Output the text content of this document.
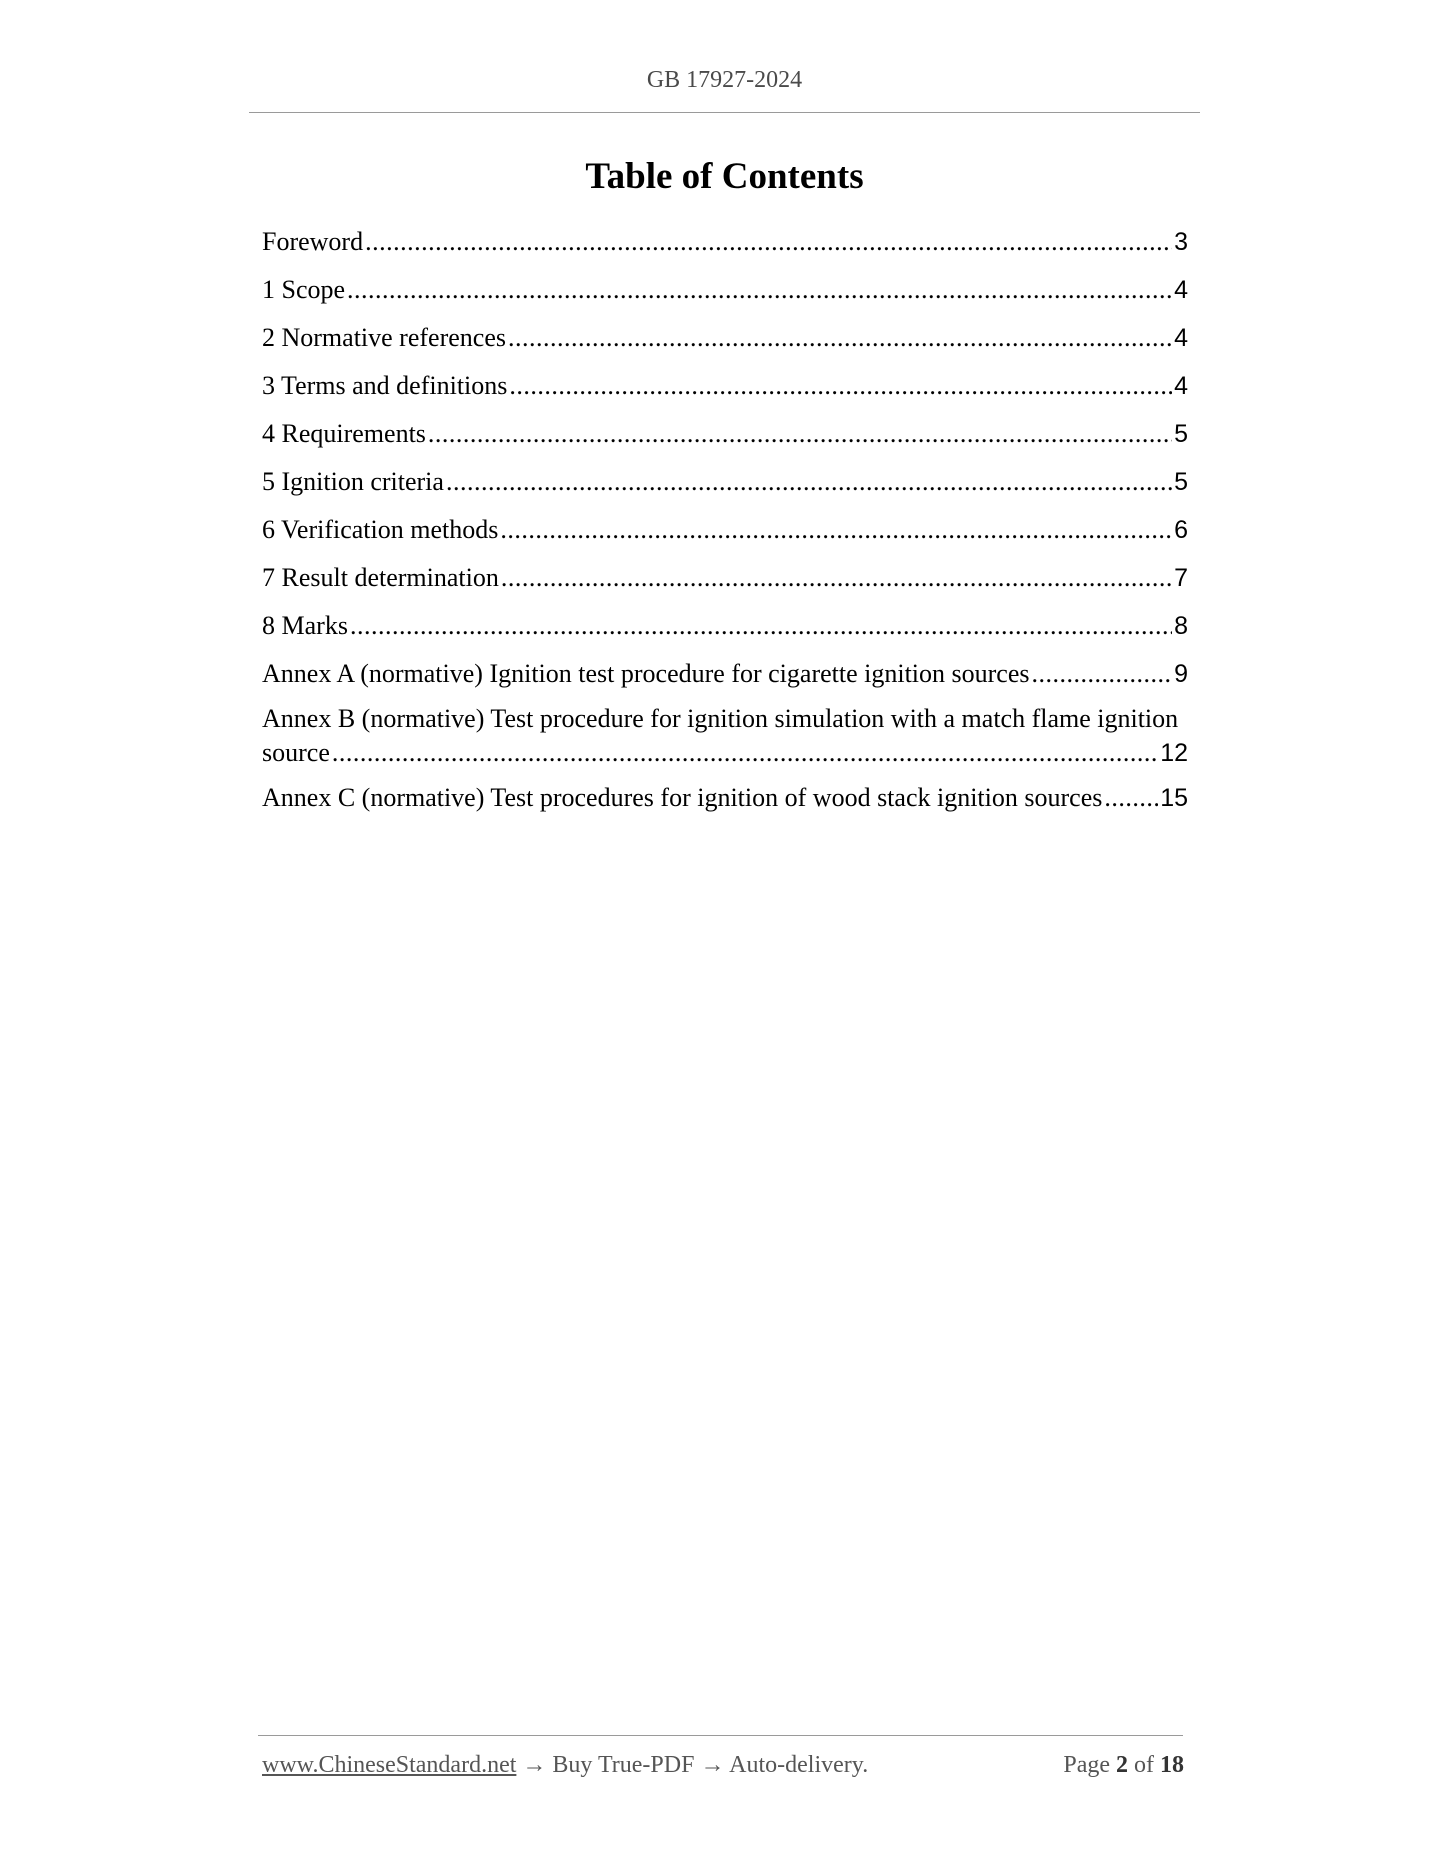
GB 17927-2024
Table of Contents
Foreword .....	3
1 Scope .....	4
2 Normative references .....	4
3 Terms and definitions .....	4
4 Requirements .....	5
5 Ignition criteria .....	5
6 Verification methods .....	6
7 Result determination .....	7
8 Marks .....	8
Annex A (normative) Ignition test procedure for cigarette ignition sources .....	9
Annex B (normative) Test procedure for ignition simulation with a match flame ignition
source .....	12
Annex C (normative) Test procedures for ignition of wood stack ignition sources ..... 15
www.ChineseStandard.net → Buy True-PDF → Auto-delivery.	Page 2 of 18
